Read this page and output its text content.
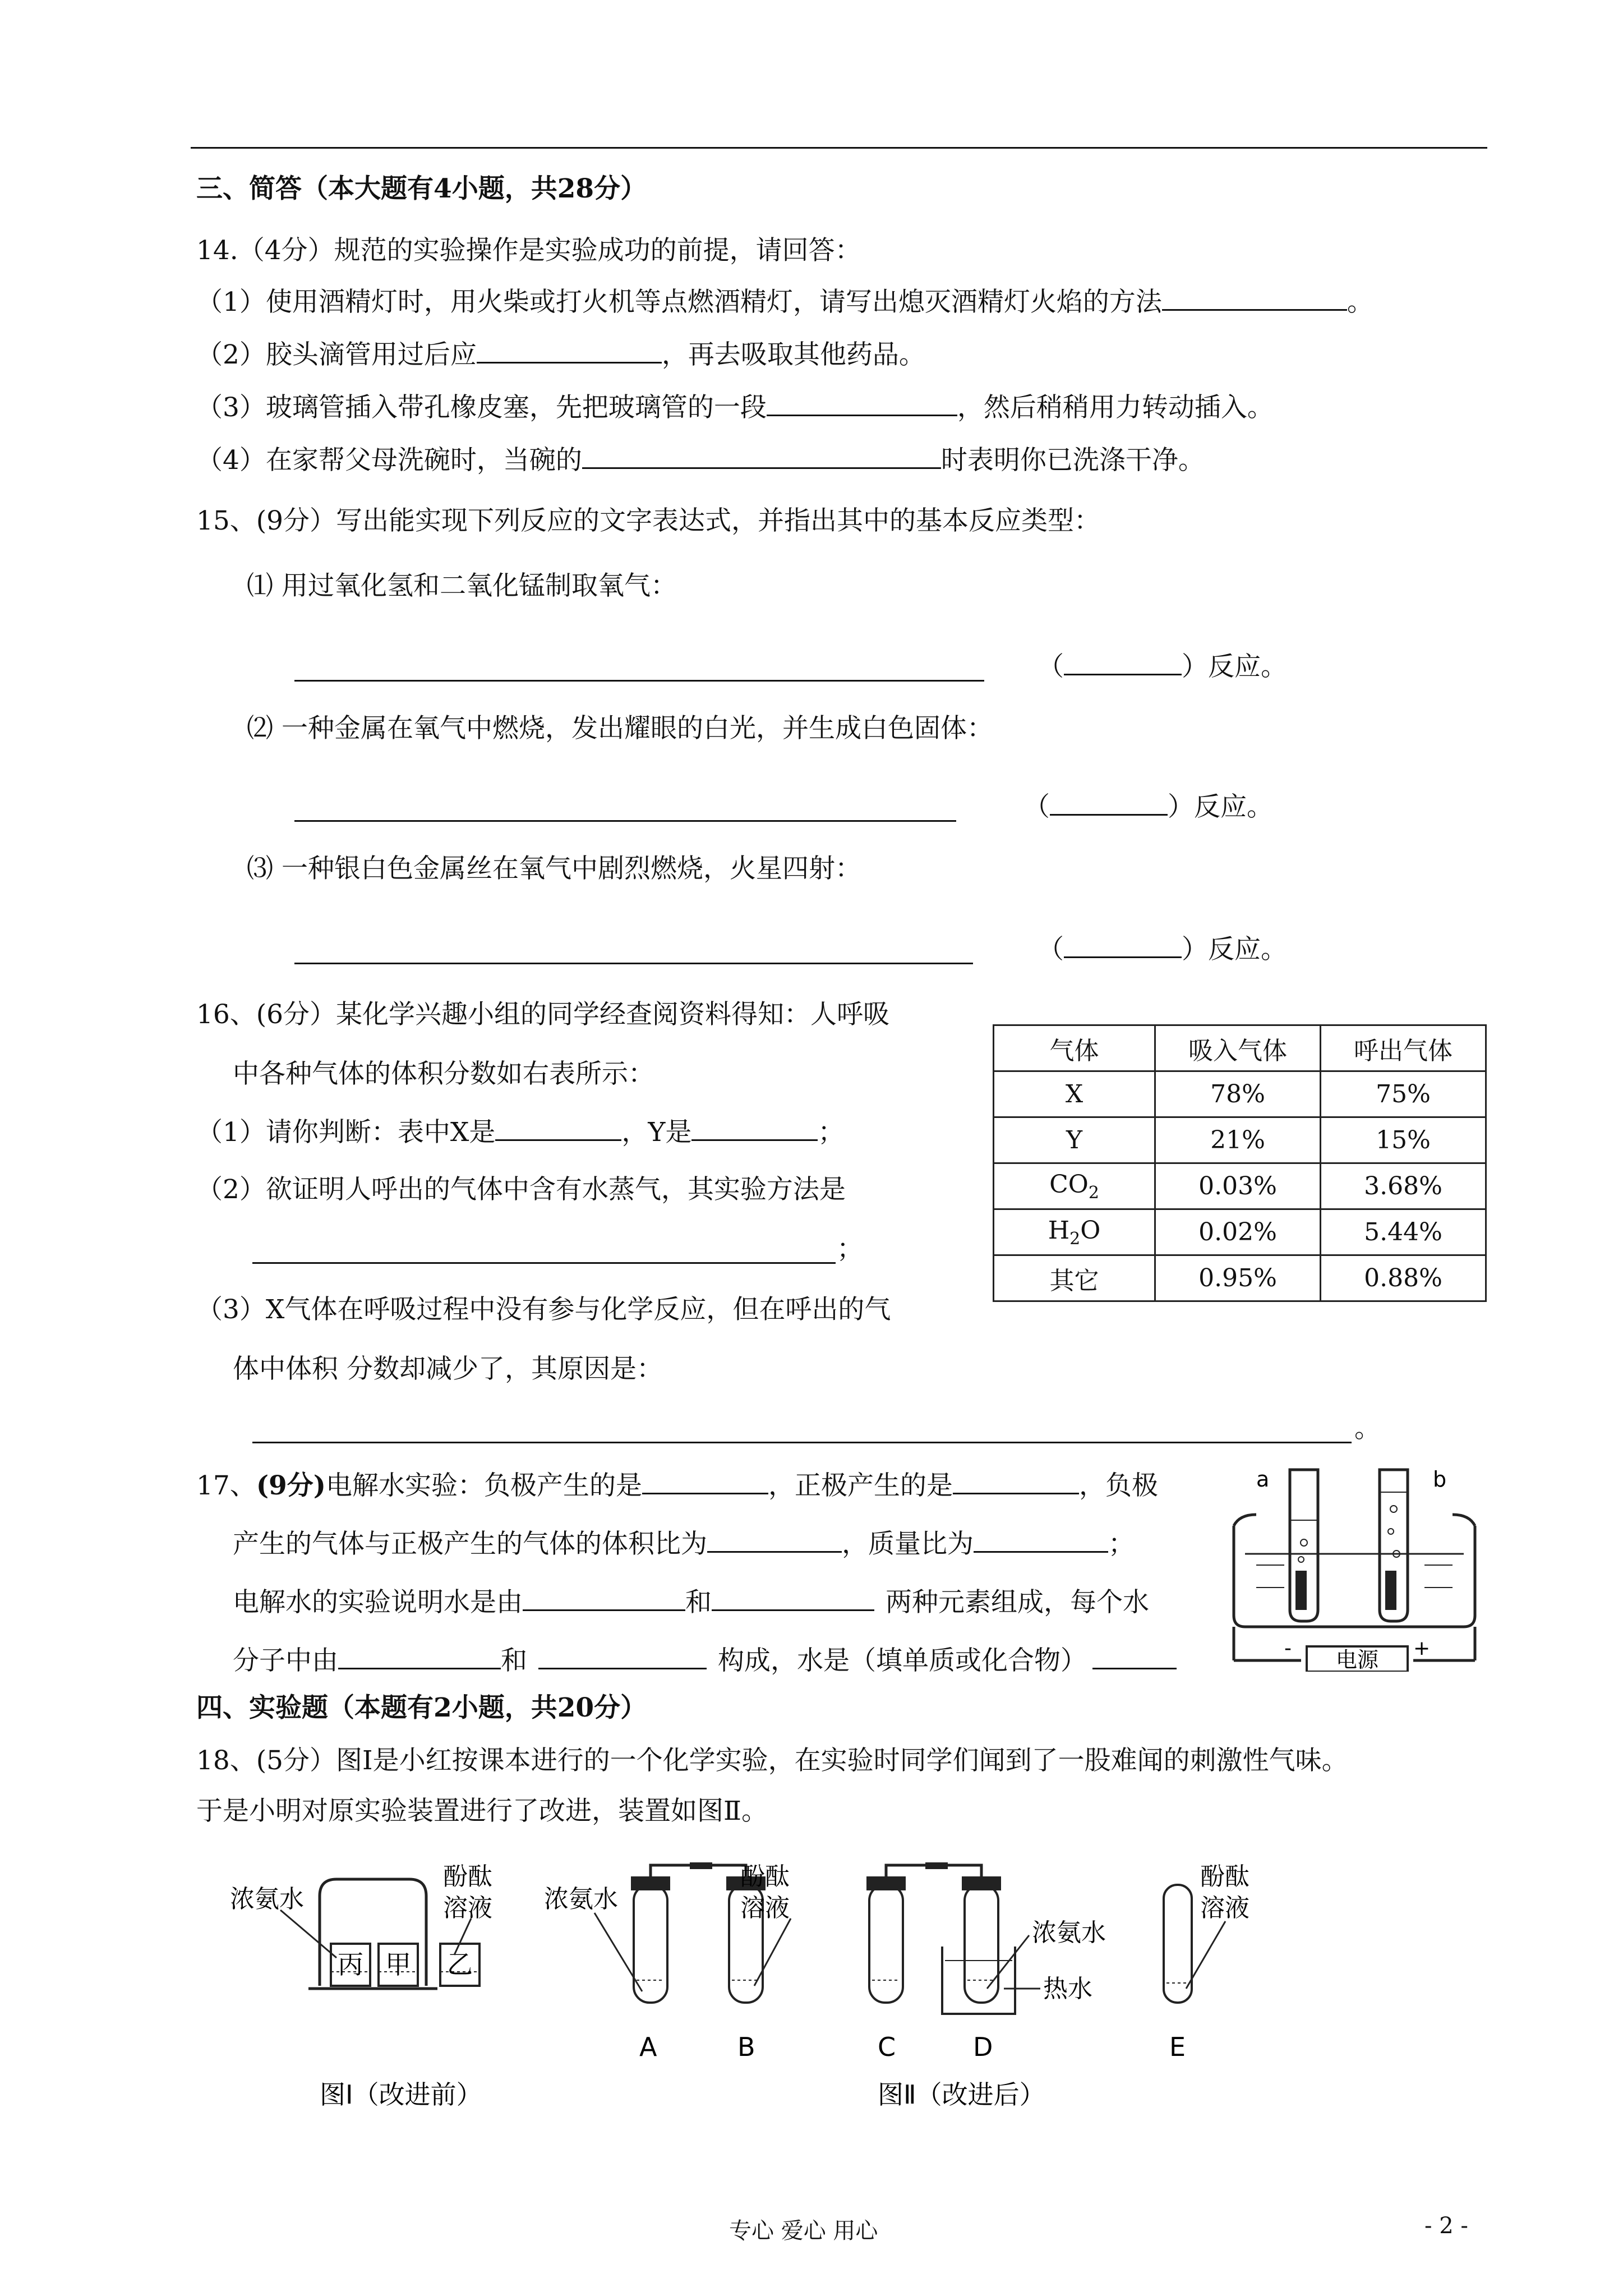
三、简答（本大题有4小题，共28分）
14.（4分）规范的实验操作是实验成功的前提，请回答：
（1）使用酒精灯时，用火柴或打火机等点燃酒精灯，请写出熄灭酒精灯火焰的方法	。
（2）胶头滴管用过后应	，再去吸取其他药品。
（3）玻璃管插入带孔橡皮塞，先把玻璃管的一段	，然后稍稍用力转动插入。
（4）在家帮父母洗碗时，当碗的	时表明你已洗涤干净。
15、(9分）写出能实现下列反应的文字表达式，并指出其中的基本反应类型：
⑴ 用过氧化氢和二氧化锰制取氧气：
（	）反应。
⑵ 一种金属在氧气中燃烧，发出耀眼的白光，并生成白色固体：
（	）反应。
⑶ 一种银白色金属丝在氧气中剧烈燃烧，火星四射：
（	）反应。
16、(6分）某化学兴趣小组的同学经查阅资料得知：人呼吸
中各种气体的体积分数如右表所示：
（1）请你判断：表中X是	，Y是	；
（2）欲证明人呼出的气体中含有水蒸气，其实验方法是
；
（3）X气体在呼吸过程中没有参与化学反应，但在呼出的气
体中体积 分数却减少了，其原因是：
。
气体	吸入气体	呼出气体
X	78%	75%
Y	21%	15%
$CO_2$	0.03%	3.68%
$H_2O$	0.02%	5.44%
其它	0.95%	0.88%
17、(9分)电解水实验：负极产生的是	，正极产生的是	，负极
产生的气体与正极产生的气体的体积比为	，质量比为	；
电解水的实验说明水是由	和	两种元素组成，每个水
分子中由	和	构成，水是（填单质或化合物）	电源
-	+
a	b
四、实验题（本题有2小题，共20分）
18、(5分）图Ⅰ是小红按课本进行的一个化学实验，在实验时同学们闻到了一股难闻的刺激性气味。
于是小明对原实验装置进行了改进，装置如图Ⅱ。
浓氨水
酚酞
溶液
丙 甲 乙
图Ⅰ（改进前）
浓氨水
酚酞
溶液
浓氨水
热水
酚酞
溶液
A	B	C	D	E
图Ⅱ（改进后）
专心 爱心 用心	- 2 -
